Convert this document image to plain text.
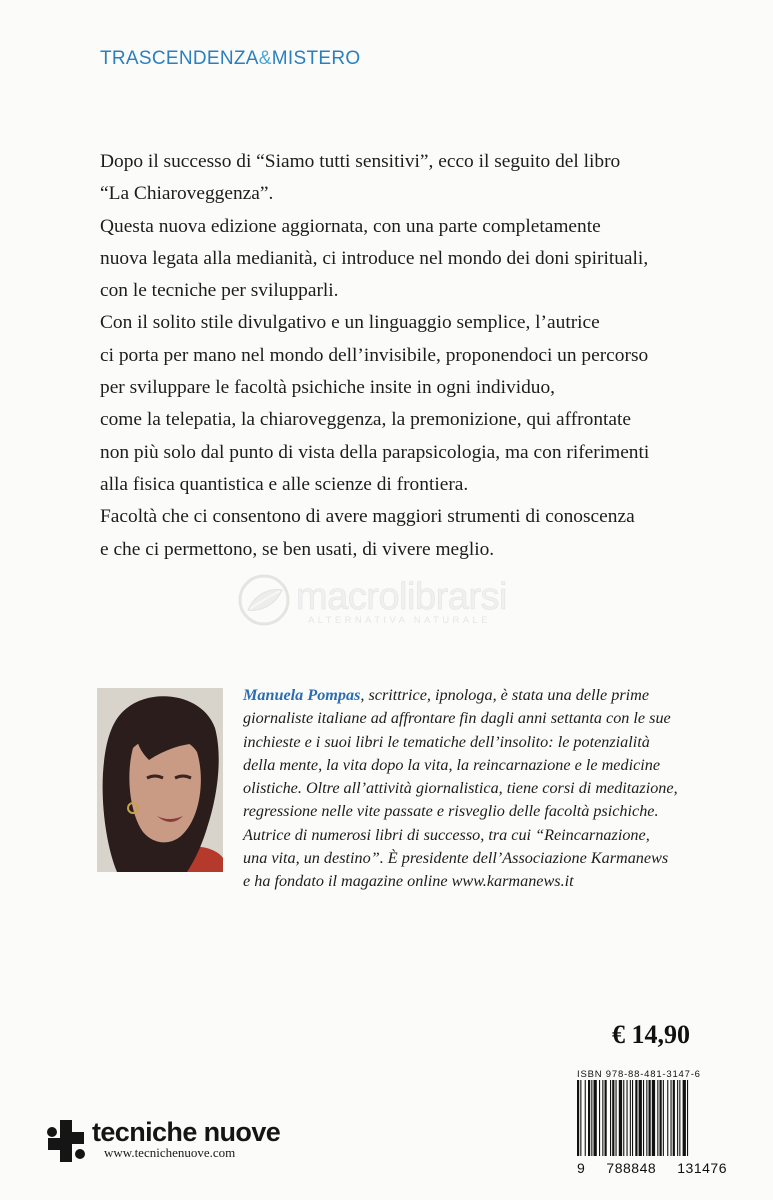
TRASCENDENZA&MISTERO

Dopo il successo di “Siamo tutti sensitivi”, ecco il seguito del libro

“La Chiaroveggenza”.

Questa nuova edizione aggiornata, con una parte completamente

nuova legata alla medianità, ci introduce nel mondo dei doni spirituali,

con le tecniche per svilupparli.

Con il solito stile divulgativo e un linguaggio semplice, l’autrice

ci porta per mano nel mondo dell’invisibile, proponendoci un percorso

per sviluppare le facoltà psichiche insite in ogni individuo,

come la telepatia, la chiaroveggenza, la premonizione, qui affrontate

non più solo dal punto di vista della parapsicologia, ma con riferimenti

alla fisica quantistica e alle scienze di frontiera.

Facoltà che ci consentono di avere maggiori strumenti di conoscenza

e che ci permettono, se ben usati, di vivere meglio.

macrolibrarsi
ALTERNATIVA NATURALE

Manuela Pompas, scrittrice, ipnologa, è stata una delle prime

giornaliste italiane ad affrontare fin dagli anni settanta con le sue

inchieste e i suoi libri le tematiche dell’insolito: le potenzialità

della mente, la vita dopo la vita, la reincarnazione e le medicine

olistiche. Oltre all’attività giornalistica, tiene corsi di meditazione,

regressione nelle vite passate e risveglio delle facoltà psichiche.

Autrice di numerosi libri di successo, tra cui “Reincarnazione,

una vita, un destino”. È presidente dell’Associazione Karmanews

e ha fondato il magazine online www.karmanews.it

€ 14,90
ISBN 978-88-481-3147-6
9 788848 131476
tecniche nuove
www.tecnichenuove.com
